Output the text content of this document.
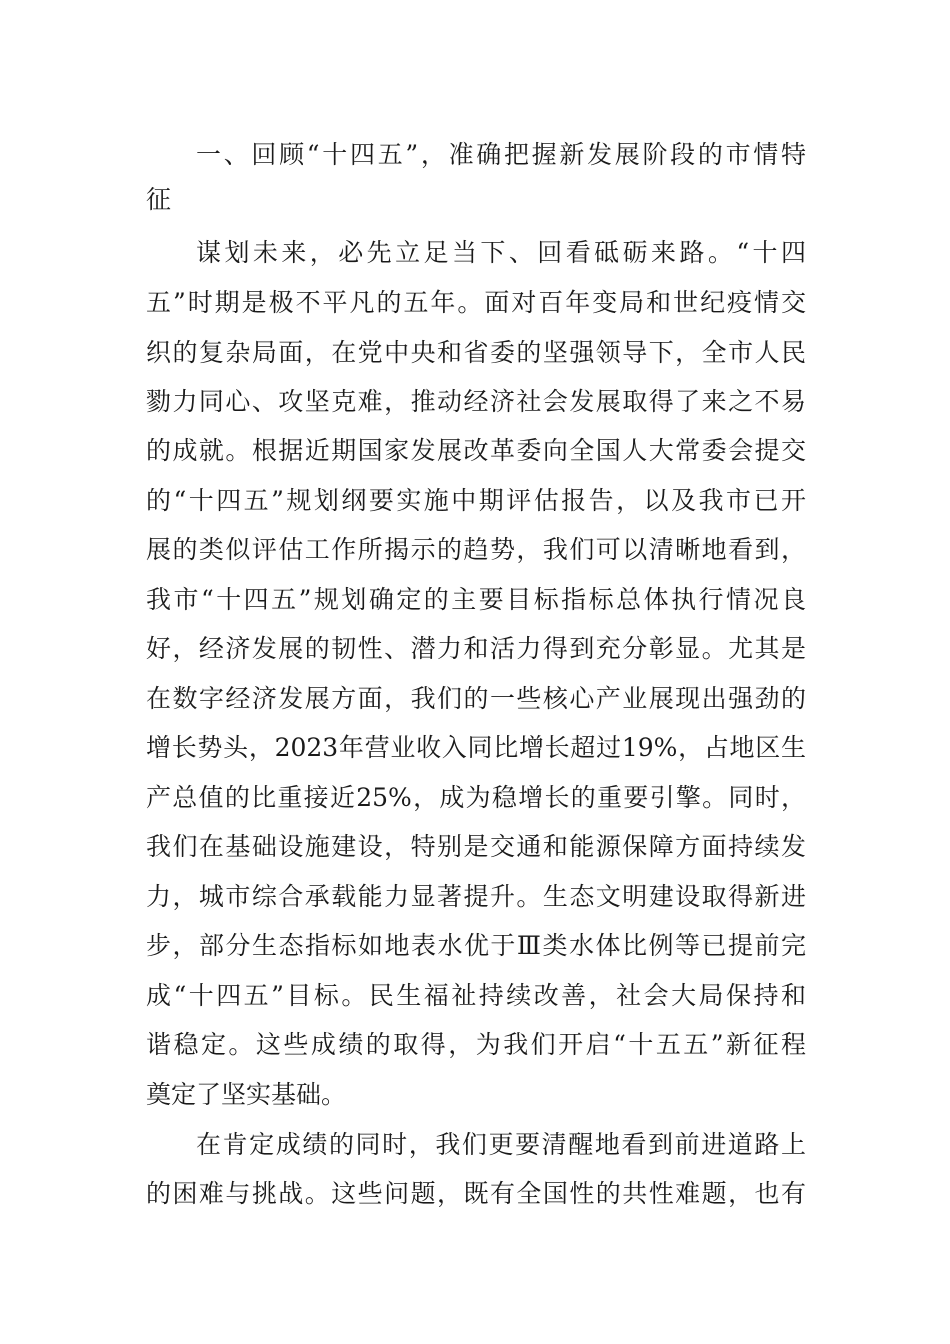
一、回顾“十四五”，准确把握新发展阶段的市情特
征
谋划未来，必先立足当下、回看砥砺来路。“十四
五”时期是极不平凡的五年。面对百年变局和世纪疫情交
织的复杂局面，在党中央和省委的坚强领导下，全市人民
勠力同心、攻坚克难，推动经济社会发展取得了来之不易
的成就。根据近期国家发展改革委向全国人大常委会提交
的“十四五”规划纲要实施中期评估报告，以及我市已开
展的类似评估工作所揭示的趋势，我们可以清晰地看到，
我市“十四五”规划确定的主要目标指标总体执行情况良
好，经济发展的韧性、潜力和活力得到充分彰显。尤其是
在数字经济发展方面，我们的一些核心产业展现出强劲的
增长势头，2023年营业收入同比增长超过19%，占地区生
产总值的比重接近25%，成为稳增长的重要引擎。同时，
我们在基础设施建设，特别是交通和能源保障方面持续发
力，城市综合承载能力显著提升。生态文明建设取得新进
步，部分生态指标如地表水优于Ⅲ类水体比例等已提前完
成“十四五”目标。民生福祉持续改善，社会大局保持和
谐稳定。这些成绩的取得，为我们开启“十五五”新征程
奠定了坚实基础。
在肯定成绩的同时，我们更要清醒地看到前进道路上
的困难与挑战。这些问题，既有全国性的共性难题，也有
